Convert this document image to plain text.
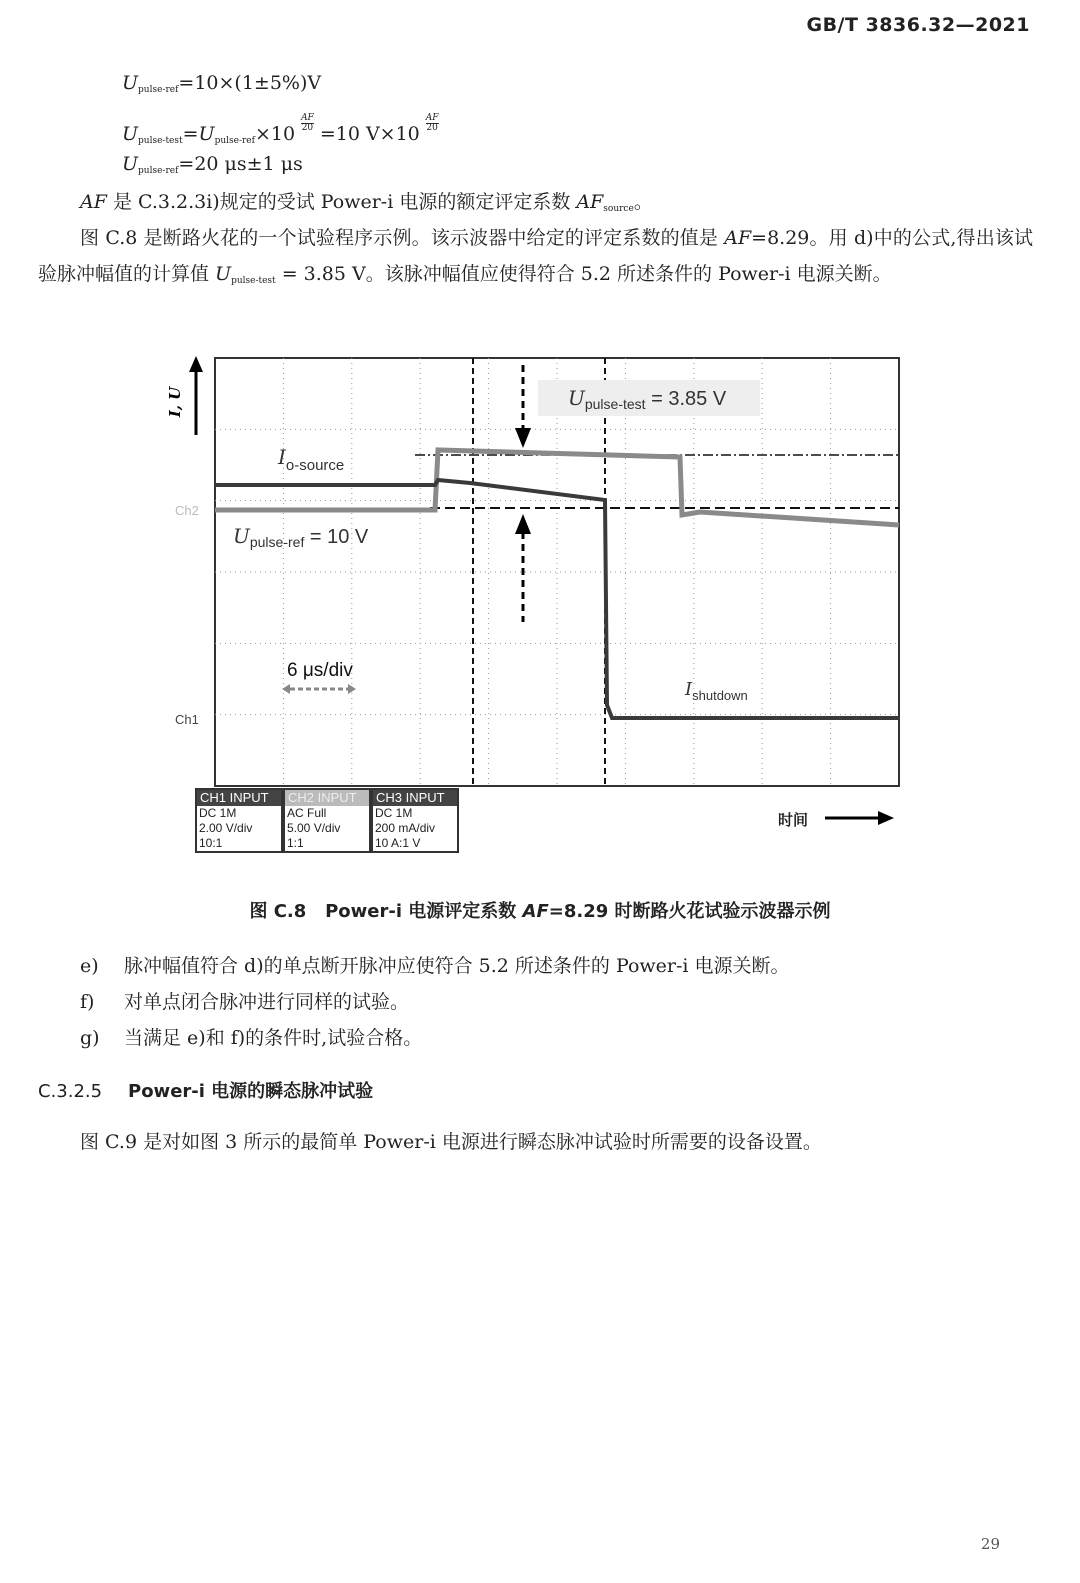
GB/T 3836.32—2021
$U_{pulse-ref}=10\times(1\pm 5\%)V$
$U_{pulse-test}=U_{pulse-ref}\times 10$ $^{\frac{AF}{20}}$ =10 V×10 $^{\frac{AF}{20}}$
$U_{pulse-ref}=20$ μs±1 μs
AF 是 C.3.2.3i)规定的受试 Power-i 电源的额定评定系数 $AF_{source}$。
图 C.8 是断路火花的一个试验程序示例。该示波器中给定的评定系数的值是 AF=8.29。用 d)中的公式,得出该试验脉冲幅值的计算值 $U_{pulse-test} = 3.85$ V。该脉冲幅值应使得符合 5.2 所述条件的 Power-i 电源关断。
I, U	$U_{pulse-test} = 3.85$ V
$I_{o-source}$
$U_{pulse-ref} = 10$ V
$I_{shutdown}$
6 μs/div
Ch2
Ch1
时间
CH1 INPUT
DC 1M
2.00 V/div
10:1
CH2 INPUT
AC Full
5.00 V/div
1:1
CH3 INPUT
DC 1M
200 mA/div
10 A:1 V
图 C.8 Power-i 电源评定系数 AF=8.29 时断路火花试验示波器示例
e) 脉冲幅值符合 d)的单点断开脉冲应使符合 5.2 所述条件的 Power-i 电源关断。
f) 对单点闭合脉冲进行同样的试验。
g) 当满足 e)和 f)的条件时,试验合格。
C.3.2.5 Power-i 电源的瞬态脉冲试验
图 C.9 是对如图 3 所示的最简单 Power-i 电源进行瞬态脉冲试验时所需要的设备设置。
29
